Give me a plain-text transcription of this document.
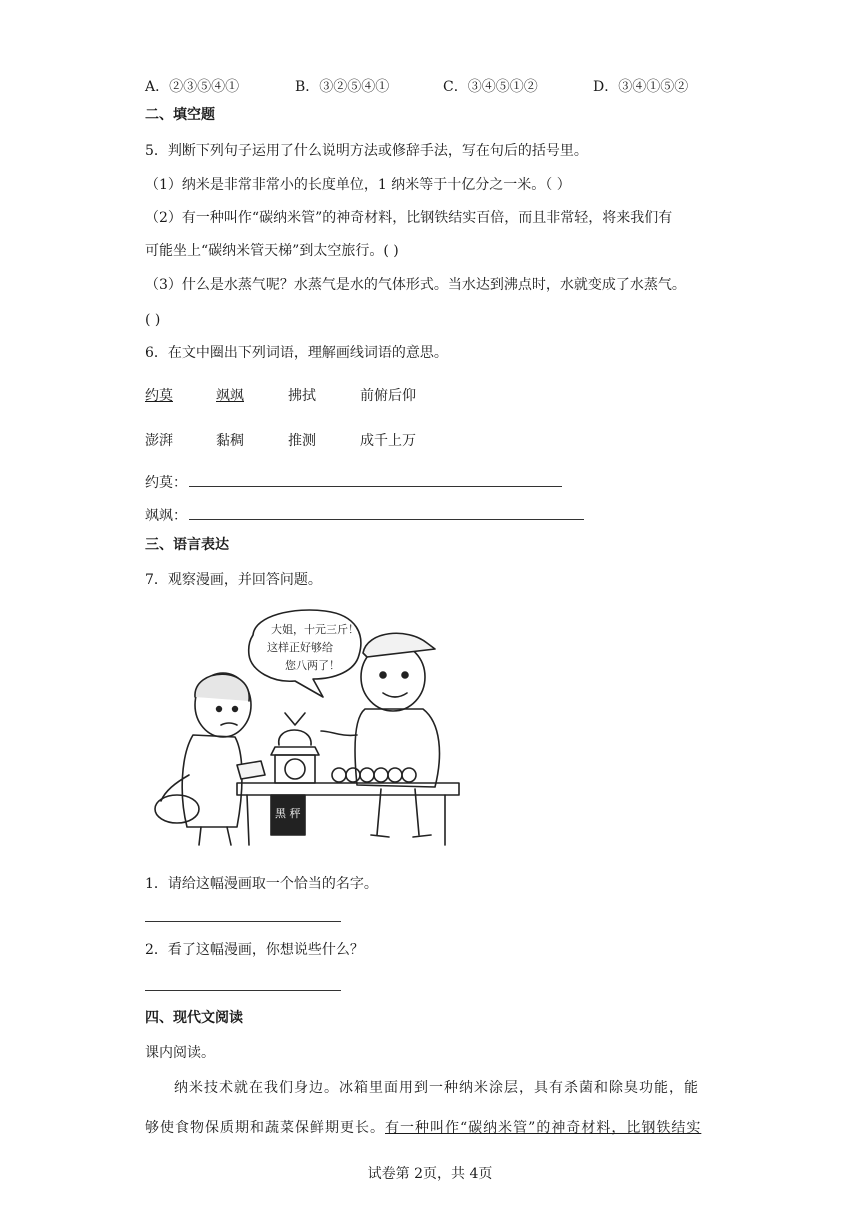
A．②③⑤④①	B．③②⑤④①	C．③④⑤①②	D．③④①⑤②
二、填空题
5．判断下列句子运用了什么说明方法或修辞手法，写在句后的括号里。
（1）纳米是非常非常小的长度单位，1 纳米等于十亿分之一米。（ ）
（2）有一种叫作“碳纳米管”的神奇材料，比钢铁结实百倍，而且非常轻，将来我们有
可能坐上“碳纳米管天梯”到太空旅行。( )
（3）什么是水蒸气呢？水蒸气是水的气体形式。当水达到沸点时，水就变成了水蒸气。
( )
6．在文中圈出下列词语，理解画线词语的意思。
约莫	飒飒	拂拭	前俯后仰
澎湃	黏稠	推测	成千上万
约莫：
飒飒：
三、语言表达
7．观察漫画，并回答问题。
大姐，十元三斤！
这样正好够给
您八两了！
黑 秤
1．请给这幅漫画取一个恰当的名字。
2．看了这幅漫画，你想说些什么？
四、现代文阅读
课内阅读。
纳米技术就在我们身边。冰箱里面用到一种纳米涂层，具有杀菌和除臭功能，能
够使食物保质期和蔬菜保鲜期更长。有一种叫作“碳纳米管”的神奇材料，比钢铁结实
试卷第 2页，共 4页
